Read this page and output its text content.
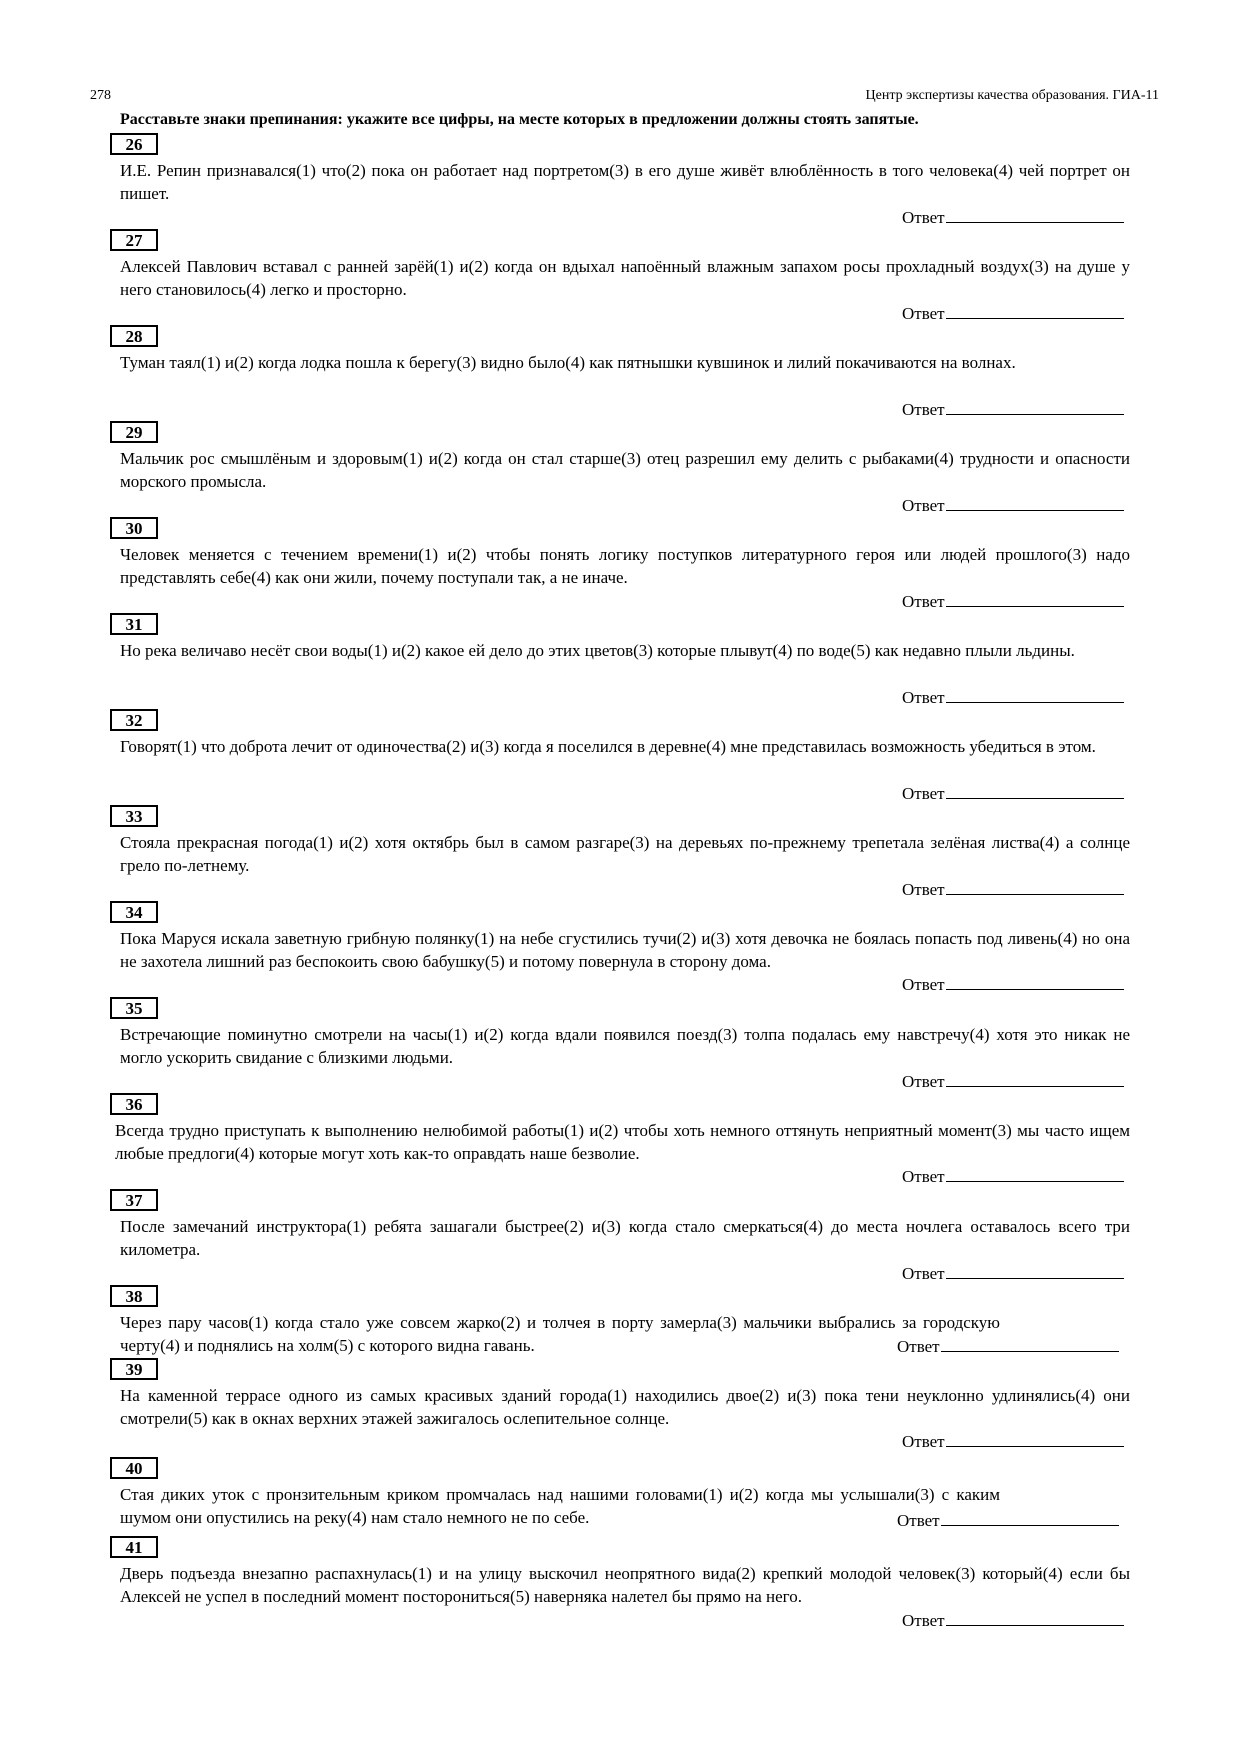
278	Центр экспертизы качества образования. ГИА-11
Расставьте знаки препинания: укажите все цифры, на месте которых в предложении должны стоять запятые.
26
И.Е. Репин признавался(1) что(2) пока он работает над портретом(3) в его душе живёт влюблённость в того человека(4) чей портрет он пишет.
Ответ
27
Алексей Павлович вставал с ранней зарёй(1) и(2) когда он вдыхал напоённый влажным запахом росы прохладный воздух(3) на душе у него становилось(4) легко и просторно.
Ответ
28
Туман таял(1) и(2) когда лодка пошла к берегу(3) видно было(4) как пятнышки кувшинок и лилий покачиваются на волнах.
Ответ
29
Мальчик рос смышлёным и здоровым(1) и(2) когда он стал старше(3) отец разрешил ему делить с рыбаками(4) трудности и опасности морского промысла.
Ответ
30
Человек меняется с течением времени(1) и(2) чтобы понять логику поступков литературного героя или людей прошлого(3) надо представлять себе(4) как они жили, почему поступали так, а не иначе.
Ответ
31
Но река величаво несёт свои воды(1) и(2) какое ей дело до этих цветов(3) которые плывут(4) по воде(5) как недавно плыли льдины.
Ответ
32
Говорят(1) что доброта лечит от одиночества(2) и(3) когда я поселился в деревне(4) мне представилась возможность убедиться в этом.
Ответ
33
Стояла прекрасная погода(1) и(2) хотя октябрь был в самом разгаре(3) на деревьях по-прежнему трепетала зелёная листва(4) а солнце грело по-летнему.
Ответ
34
Пока Маруся искала заветную грибную полянку(1) на небе сгустились тучи(2) и(3) хотя девочка не боялась попасть под ливень(4) но она не захотела лишний раз беспокоить свою бабушку(5) и потому повернула в сторону дома.
Ответ
35
Встречающие поминутно смотрели на часы(1) и(2) когда вдали появился поезд(3) толпа подалась ему навстречу(4) хотя это никак не могло ускорить свидание с близкими людьми.
Ответ
36
Всегда трудно приступать к выполнению нелюбимой работы(1) и(2) чтобы хоть немного оттянуть неприятный момент(3) мы часто ищем любые предлоги(4) которые могут хоть как-то оправдать наше безволие.
Ответ
37
После замечаний инструктора(1) ребята зашагали быстрее(2) и(3) когда стало смеркаться(4) до места ночлега оставалось всего три километра.
Ответ
38
Через пару часов(1) когда стало уже совсем жарко(2) и толчея в порту замерла(3) мальчики выбрались за городскую черту(4) и поднялись на холм(5) с которого видна гавань.	Ответ
39
На каменной террасе одного из самых красивых зданий города(1) находились двое(2) и(3) пока тени неуклонно удлинялись(4) они смотрели(5) как в окнах верхних этажей зажигалось ослепительное солнце.
Ответ
40
Стая диких уток с пронзительным криком промчалась над нашими головами(1) и(2) когда мы услышали(3) с каким шумом они опустились на реку(4) нам стало немного не по себе.	Ответ
41
Дверь подъезда внезапно распахнулась(1) и на улицу выскочил неопрятного вида(2) крепкий молодой человек(3) который(4) если бы Алексей не успел в последний момент посторониться(5) наверняка налетел бы прямо на него.
Ответ
